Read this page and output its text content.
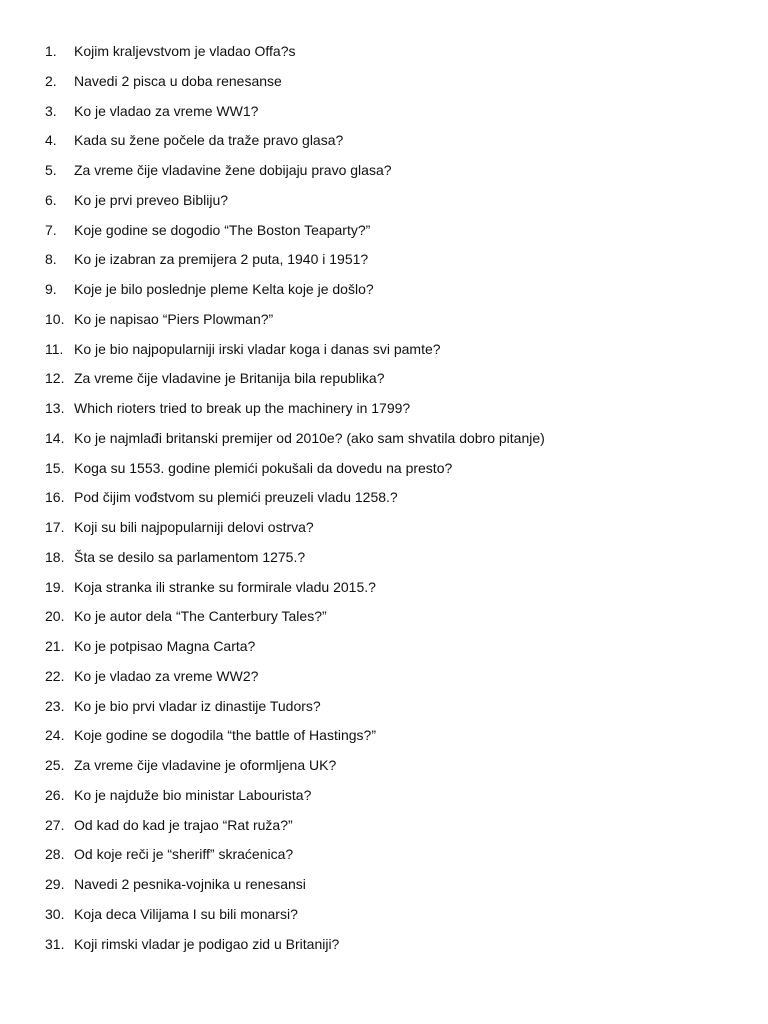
1.	Kojim kraljevstvom je vladao Offa?s
2.	Navedi 2 pisca u doba renesanse
3.	Ko je vladao za vreme WW1?
4.	Kada su žene počele da traže pravo glasa?
5.	Za vreme čije vladavine žene dobijaju pravo glasa?
6.	Ko je prvi preveo Bibliju?
7.	Koje godine se dogodio “The Boston Teaparty?”
8.	Ko je izabran za premijera 2 puta, 1940 i 1951?
9.	Koje je bilo poslednje pleme Kelta koje je došlo?
10. Ko je napisao “Piers Plowman?”
11. Ko je bio najpopularniji irski vladar koga i danas svi pamte?
12. Za vreme čije vladavine je Britanija bila republika?
13. Which rioters tried to break up the machinery in 1799?
14. Ko je najmlađi britanski premijer od 2010e? (ako sam shvatila dobro pitanje)
15. Koga su 1553. godine plemići pokušali da dovedu na presto?
16. Pod čijim vođstvom su plemići preuzeli vladu 1258.?
17. Koji su bili najpopularniji delovi ostrva?
18. Šta se desilo sa parlamentom 1275.?
19. Koja stranka ili stranke su formirale vladu 2015.?
20. Ko je autor dela “The Canterbury Tales?”
21. Ko je potpisao Magna Carta?
22. Ko je vladao za vreme WW2?
23. Ko je bio prvi vladar iz dinastije Tudors?
24. Koje godine se dogodila “the battle of Hastings?”
25. Za vreme čije vladavine je oformljena UK?
26. Ko je najduže bio ministar Labourista?
27. Od kad do kad je trajao “Rat ruža?”
28. Od koje reči je “sheriff” skraćenica?
29. Navedi 2 pesnika-vojnika u renesansi
30. Koja deca Vilijama I su bili monarsi?
31. Koji rimski vladar je podigao zid u Britaniji?
